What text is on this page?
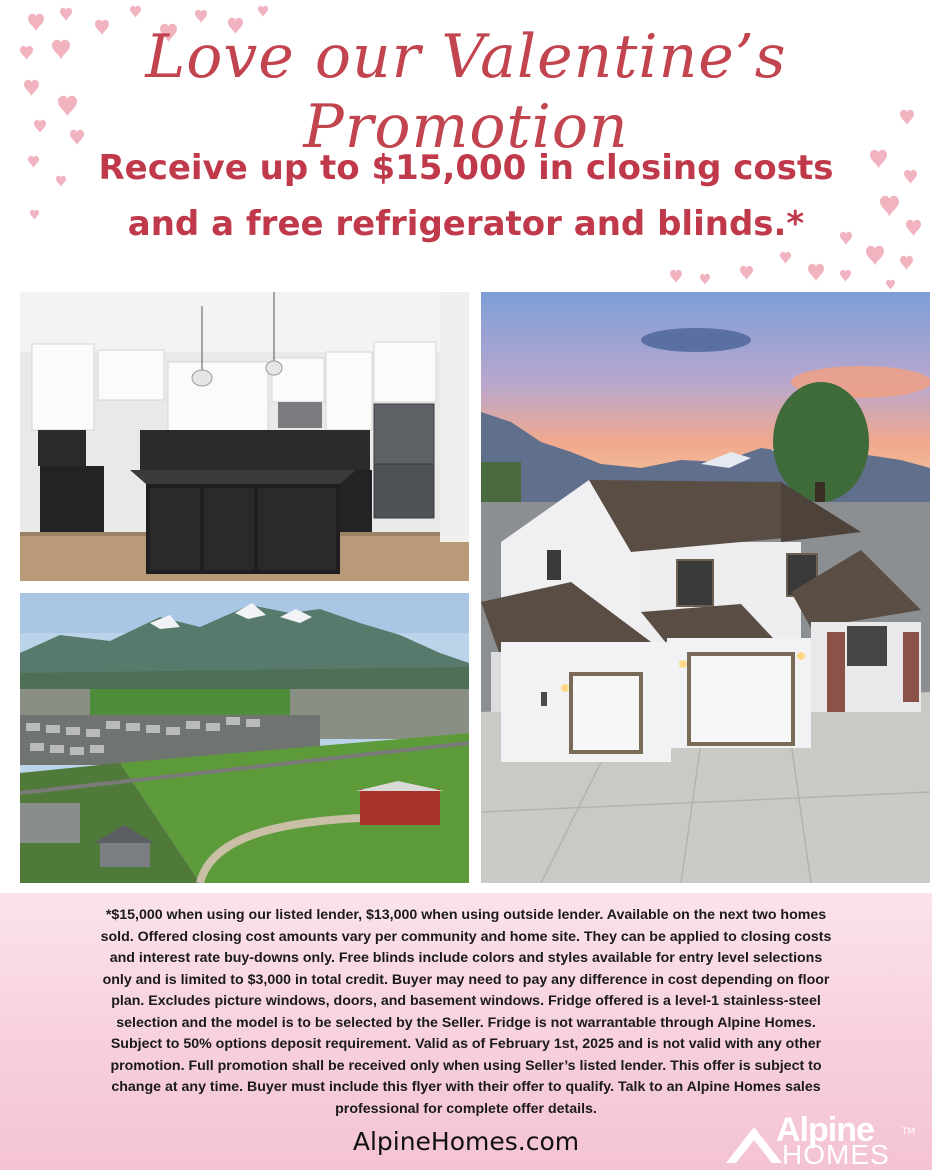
Love our Valentine’s Promotion
Receive up to $15,000 in closing costs
and a free refrigerator and blinds.*
*$15,000 when using our listed lender, $13,000 when using outside lender. Available on the next two homes
sold. Offered closing cost amounts vary per community and home site. They can be applied to closing costs
and interest rate buy-downs only. Free blinds include colors and styles available for entry level selections
only and is limited to $3,000 in total credit. Buyer may need to pay any difference in cost depending on floor
plan. Excludes picture windows, doors, and basement windows. Fridge offered is a level-1 stainless-steel
selection and the model is to be selected by the Seller. Fridge is not warrantable through Alpine Homes.
Subject to 50% options deposit requirement. Valid as of February 1st, 2025 and is not valid with any other
promotion. Full promotion shall be received only when using Seller’s listed lender. This offer is subject to
change at any time. Buyer must include this flyer with their offer to qualify. Talk to an Alpine Homes sales
professional for complete offer details.
AlpineHomes.com	Alpine
HOMES
TM
